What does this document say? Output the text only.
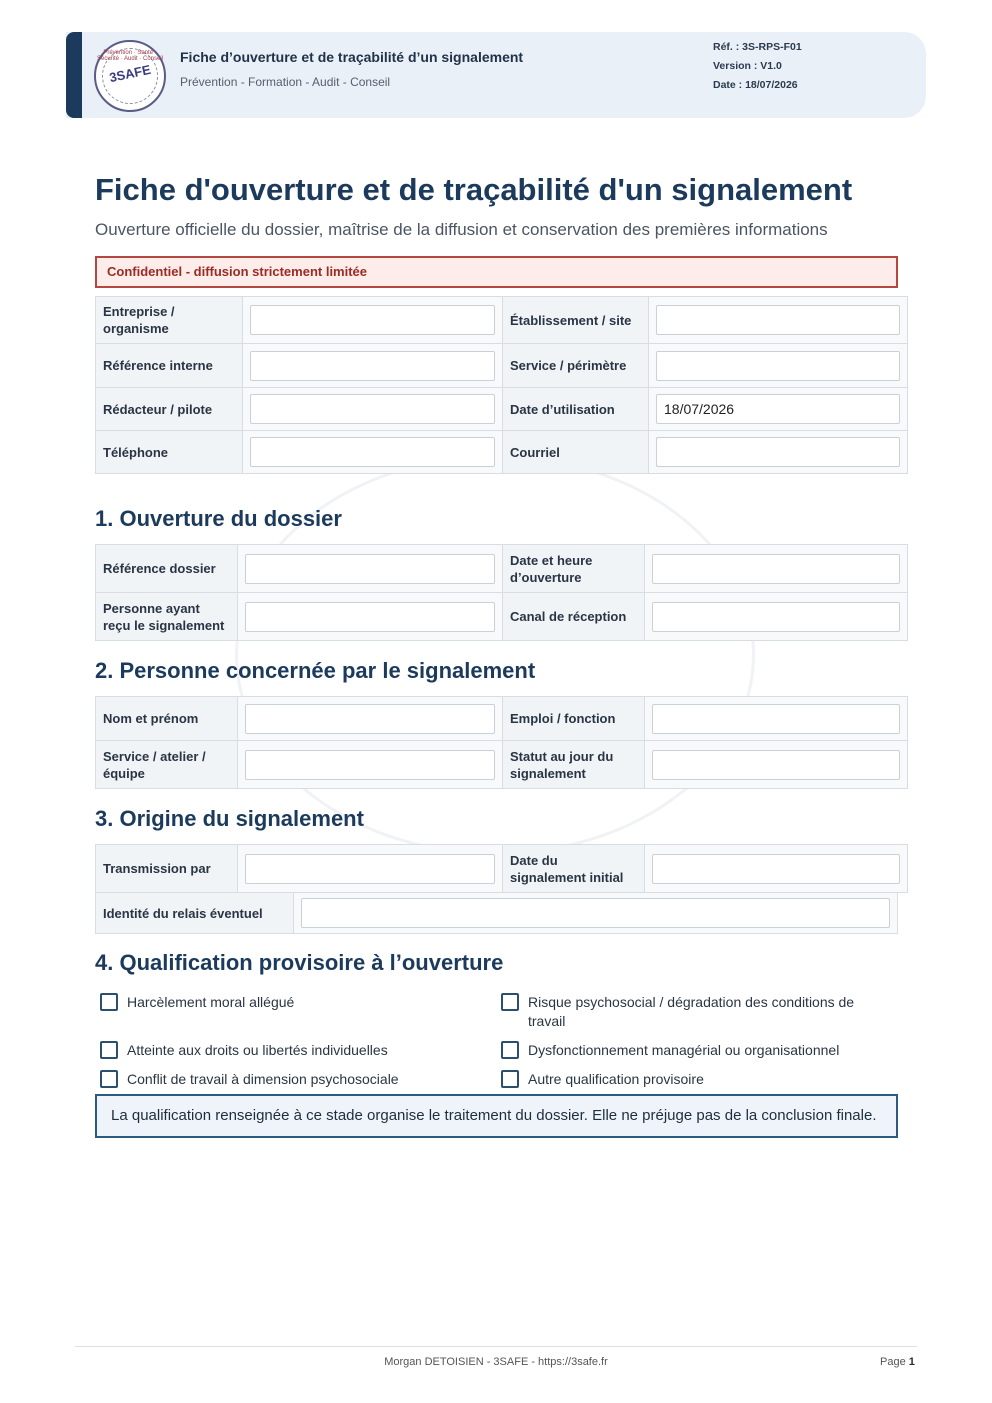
Prévention · Santé · Sécurité · Audit · Conseil
3SAFE
Fiche d’ouverture et de traçabilité d’un signalement
Prévention - Formation - Audit - Conseil
Réf. : 3S-RPS-F01
Version : V1.0
Date : 18/07/2026
Fiche d'ouverture et de traçabilité d'un signalement
Ouverture officielle du dossier, maîtrise de la diffusion et conservation des premières informations
Confidentiel - diffusion strictement limitée
Entreprise / organisme		Établissement / site	
Référence interne		Service / périmètre	
Rédacteur / pilote		Date d’utilisation	18/07/2026
Téléphone		Courriel	
1. Ouverture du dossier
Référence dossier		Date et heure d’ouverture	
Personne ayant reçu le signalement		Canal de réception	
2. Personne concernée par le signalement
Nom et prénom		Emploi / fonction	
Service / atelier / équipe		Statut au jour du signalement	
3. Origine du signalement
Transmission par		Date du signalement initial	
Identité du relais éventuel	
4. Qualification provisoire à l’ouverture
Harcèlement moral allégué	Risque psychosocial / dégradation des conditions de travail
Atteinte aux droits ou libertés individuelles	Dysfonctionnement managérial ou organisationnel
Conflit de travail à dimension psychosociale	Autre qualification provisoire
La qualification renseignée à ce stade organise le traitement du dossier. Elle ne préjuge pas de la conclusion finale.
Morgan DETOISIEN - 3SAFE - https://3safe.fr	Page 1
